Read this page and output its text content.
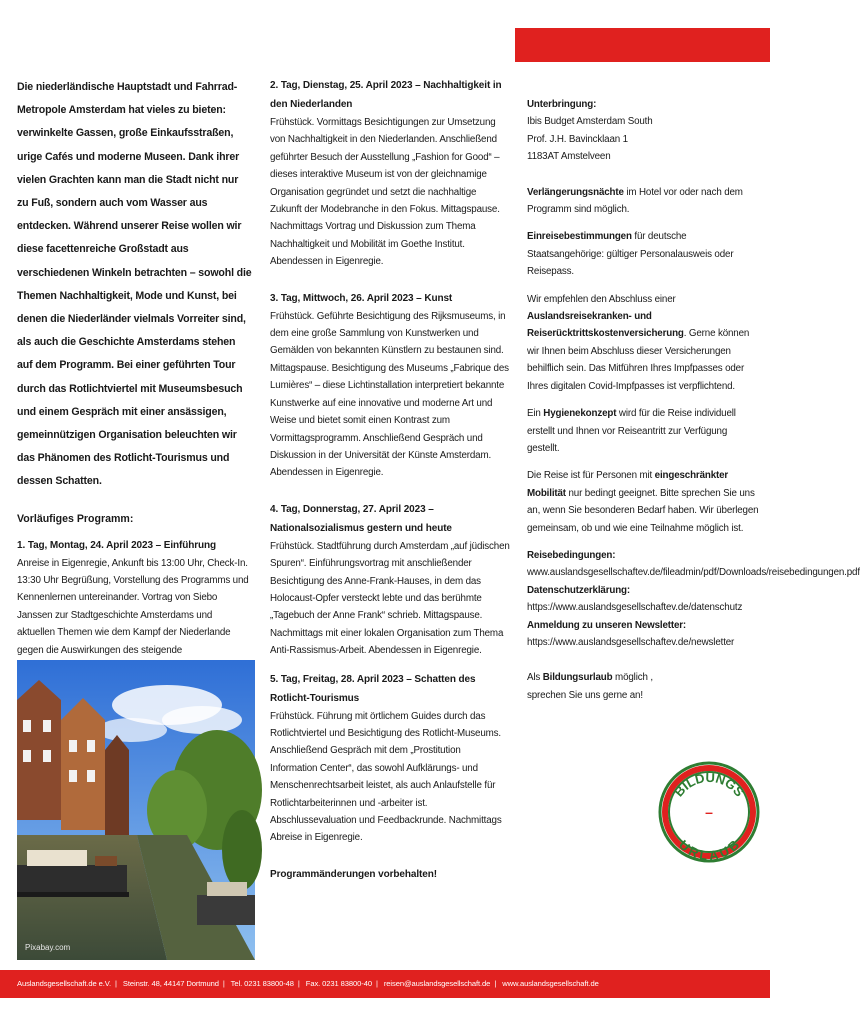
Die niederländische Hauptstadt und Fahrrad-Metropole Amsterdam hat vieles zu bieten: verwinkelte Gassen, große Einkaufsstraßen, urige Cafés und moderne Museen. Dank ihrer vielen Grachten kann man die Stadt nicht nur zu Fuß, sondern auch vom Wasser aus entdecken. Während unserer Reise wollen wir diese facettenreiche Großstadt aus verschiedenen Winkeln betrachten – sowohl die Themen Nachhaltigkeit, Mode und Kunst, bei denen die Niederländer vielmals Vorreiter sind, als auch die Geschichte Amsterdams stehen auf dem Programm. Bei einer geführten Tour durch das Rotlichtviertel mit Museumsbesuch und einem Gespräch mit einer ansässigen, gemeinnützigen Organisation beleuchten wir das Phänomen des Rotlicht-Tourismus und dessen Schatten.

Vorläufiges Programm:

1. Tag, Montag, 24. April 2023 – Einführung

Anreise in Eigenregie, Ankunft bis 13:00 Uhr, Check-In. 13:30 Uhr Begrüßung, Vorstellung des Programms und Kennenlernen untereinander. Vortrag von Siebo Janssen zur Stadtgeschichte Amsterdams und aktuellen Themen wie dem Kampf der Niederlande gegen die Auswirkungen des steigende

Pixabay.com

2. Tag, Dienstag, 25. April 2023 – Nachhaltigkeit in den Niederlanden

Frühstück. Vormittags Besichtigungen zur Umsetzung von Nachhaltigkeit in den Niederlanden. Anschließend geführter Besuch der Ausstellung „Fashion for Good“ – dieses interaktive Museum ist von der gleichnamige Organisation gegründet und setzt die nachhaltige Zukunft der Modebranche in den Fokus. Mittagspause. Nachmittags Vortrag und Diskussion zum Thema Nachhaltigkeit und Mobilität im Goethe Institut. Abendessen in Eigenregie.

3. Tag, Mittwoch, 26. April 2023 – Kunst

Frühstück. Geführte Besichtigung des Rijksmuseums, in dem eine große Sammlung von Kunstwerken und Gemälden von bekannten Künstlern zu bestaunen sind. Mittagspause. Besichtigung des Museums „Fabrique des Lumières“ – diese Lichtinstallation interpretiert bekannte Kunstwerke auf eine innovative und moderne Art und Weise und bietet somit einen Kontrast zum Vormittagsprogramm. Anschließend Gespräch und Diskussion in der Universität der Künste Amsterdam.

Abendessen in Eigenregie.

4. Tag, Donnerstag, 27. April 2023 – Nationalsozialismus gestern und heute

Frühstück. Stadtführung durch Amsterdam „auf jüdischen Spuren“. Einführungsvortrag mit anschließender Besichtigung des Anne-Frank-Hauses, in dem das Holocaust-Opfer versteckt lebte und das berühmte „Tagebuch der Anne Frank“ schrieb. Mittagspause. Nachmittags mit einer lokalen Organisation zum Thema Anti-Rassismus-Arbeit. Abendessen in Eigenregie.

5. Tag, Freitag, 28. April 2023 – Schatten des Rotlicht-Tourismus

Frühstück. Führung mit örtlichem Guides durch das Rotlichtviertel und Besichtigung des Rotlicht-Museums. Anschließend Gespräch mit dem „Prostitution Information Center“, das sowohl Aufklärungs- und Menschenrechtsarbeit leistet, als auch Anlaufstelle für Rotlichtarbeiterinnen und -arbeiter ist. Abschlussevaluation und Feedbackrunde. Nachmittags Abreise in Eigenregie.

Programmänderungen vorbehalten!

Unterbringung:

Ibis Budget Amsterdam South

Prof. J.H. Bavincklaan 1

1183AT Amstelveen

Verlängerungsnächte im Hotel vor oder nach dem Programm sind möglich.

Einreisebestimmungen für deutsche Staatsangehörige: gültiger Personalausweis oder Reisepass.

Wir empfehlen den Abschluss einer Auslandsreisekranken- und Reiserücktrittskostenversicherung. Gerne können wir Ihnen beim Abschluss dieser Versicherungen behilflich sein. Das Mitführen Ihres Impfpasses oder Ihres digitalen Covid-Impfpasses ist verpflichtend.

Ein Hygienekonzept wird für die Reise individuell erstellt und Ihnen vor Reiseantritt zur Verfügung gestellt.

Die Reise ist für Personen mit eingeschränkter Mobilität nur bedingt geeignet. Bitte sprechen Sie uns an, wenn Sie besonderen Bedarf haben. Wir überlegen gemeinsam, ob und wie eine Teilnahme möglich ist.

Reisebedingungen: www.auslandsgesellschaftev.de/fileadmin/pdf/Downloads/reisebedingungen.pdf

Datenschutzerklärung:

https://www.auslandsgesellschaftev.de/datenschutz

Anmeldung zu unseren Newsletter:

https://www.auslandsgesellschaftev.de/newsletter

Als Bildungsurlaub möglich , sprechen Sie uns gerne an!

BILDUNGS
URLAUB
–
Auslandsgesellschaft.de e.V. | Steinstr. 48, 44147 Dortmund | Tel. 0231 83800-48 | Fax. 0231 83800-40 | reisen@auslandsgesellschaft.de | www.auslandsgesellschaft.de
